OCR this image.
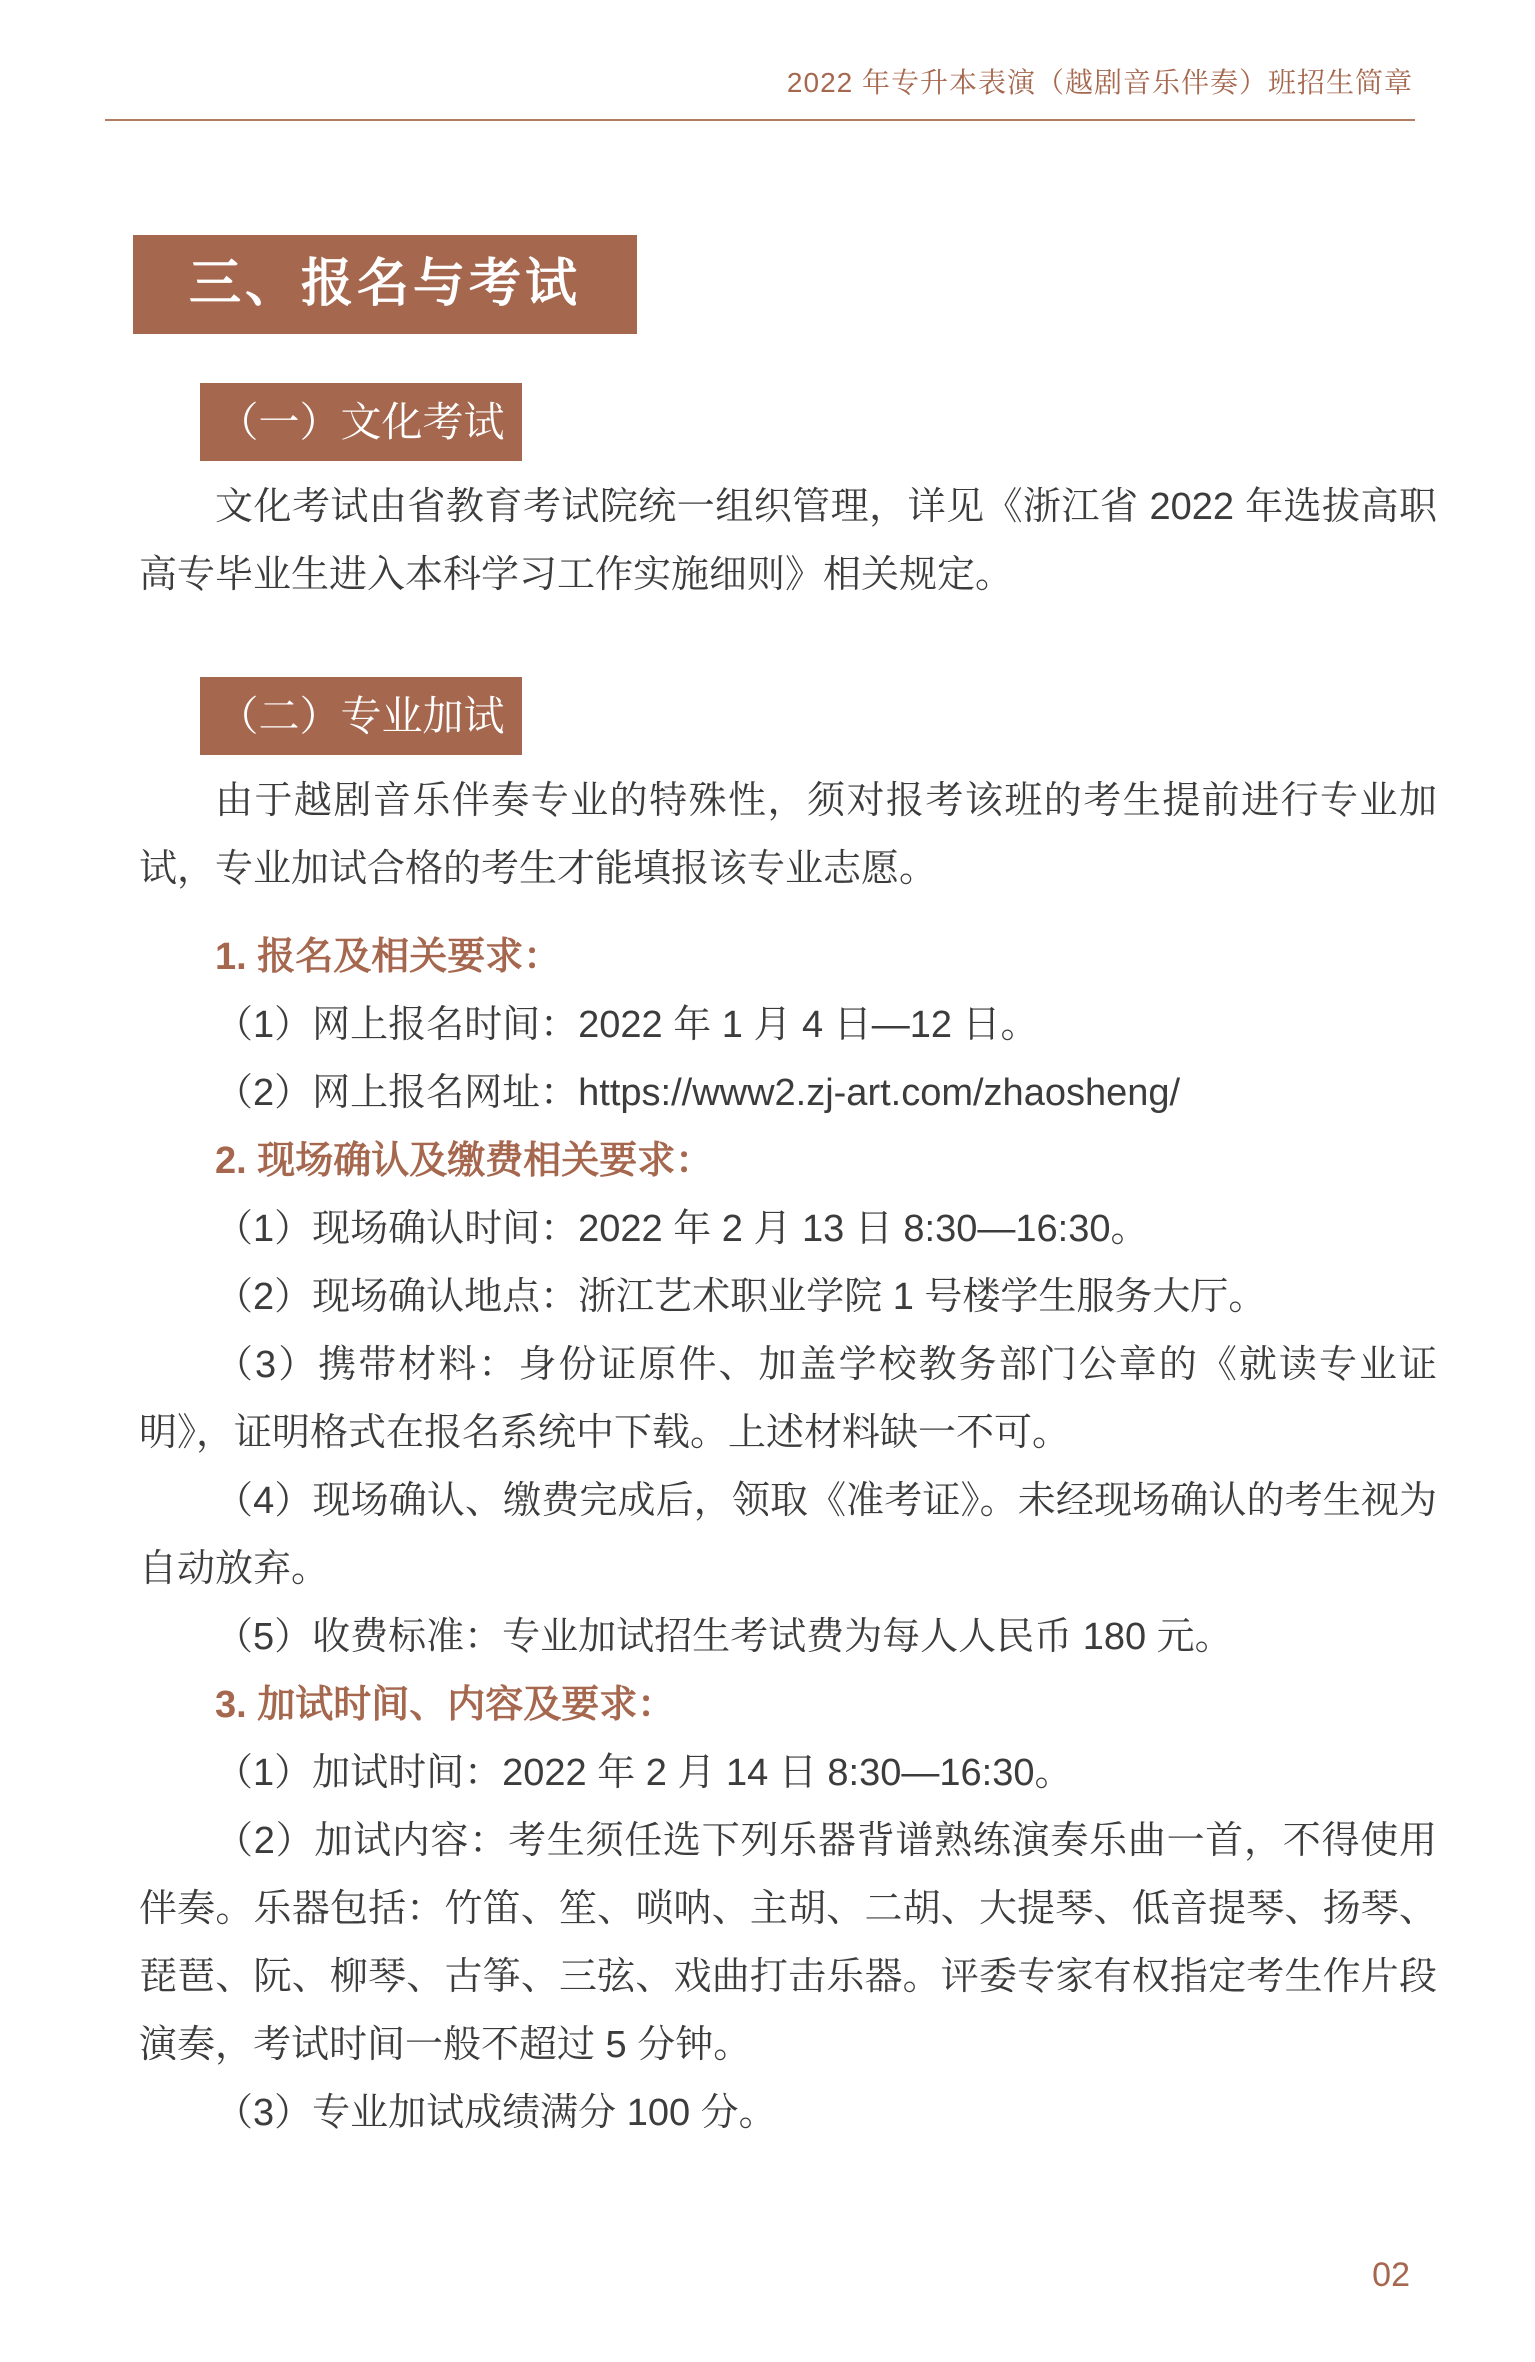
2022 年专升本表演（越剧音乐伴奏）班招生简章
三、报名与考试
（一）文化考试

文化考试由省教育考试院统一组织管理，详见《浙江省 2022 年选拔高职高专毕业生进入本科学习工作实施细则》相关规定。

（二）专业加试

由于越剧音乐伴奏专业的特殊性，须对报考该班的考生提前进行专业加试，专业加试合格的考生才能填报该专业志愿。

1. 报名及相关要求：

（1）网上报名时间：2022 年 1 月 4 日—12 日。

（2）网上报名网址：https://www2.zj-art.com/zhaosheng/

2. 现场确认及缴费相关要求：

（1）现场确认时间：2022 年 2 月 13 日 8:30—16:30。

（2）现场确认地点：浙江艺术职业学院 1 号楼学生服务大厅。

（3）携带材料：身份证原件、加盖学校教务部门公章的《就读专业证明》，证明格式在报名系统中下载。上述材料缺一不可。

（4）现场确认、缴费完成后，领取《准考证》。未经现场确认的考生视为自动放弃。

（5）收费标准：专业加试招生考试费为每人人民币 180 元。

3. 加试时间、内容及要求：

（1）加试时间：2022 年 2 月 14 日 8:30—16:30。

（2）加试内容：考生须任选下列乐器背谱熟练演奏乐曲一首，不得使用伴奏。乐器包括：竹笛、笙、唢呐、主胡、二胡、大提琴、低音提琴、扬琴、琵琶、阮、柳琴、古筝、三弦、戏曲打击乐器。评委专家有权指定考生作片段演奏，考试时间一般不超过 5 分钟。

（3）专业加试成绩满分 100 分。

02
